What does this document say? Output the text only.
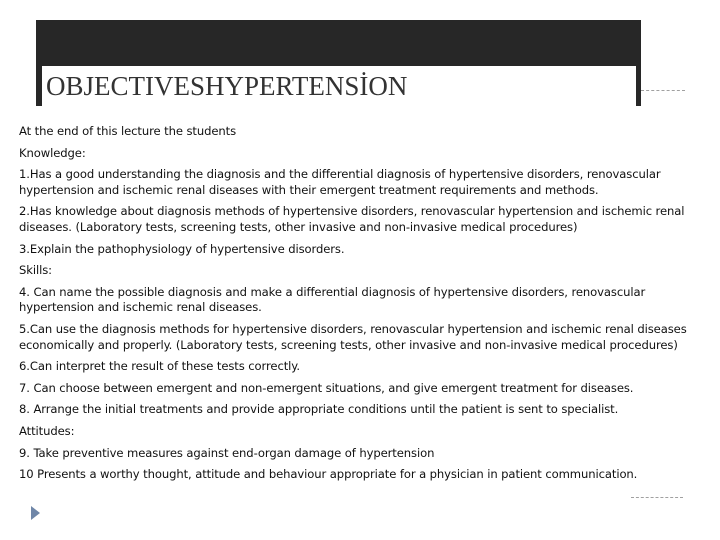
OBJECTIVESHYPERTENSİON

At the end of this lecture the students

Knowledge:

1.Has a good understanding the diagnosis and the differential diagnosis of hypertensive disorders, renovascular
hypertension and ischemic renal diseases with their emergent treatment requirements and methods.

2.Has knowledge about diagnosis methods of hypertensive disorders, renovascular hypertension and ischemic renal
diseases. (Laboratory tests, screening tests, other invasive and non-invasive medical procedures)

3.Explain the pathophysiology of hypertensive disorders.

Skills:

4. Can name the possible diagnosis and make a differential diagnosis of hypertensive disorders, renovascular
hypertension and ischemic renal diseases.

5.Can use the diagnosis methods for hypertensive disorders, renovascular hypertension and ischemic renal diseases
economically and properly. (Laboratory tests, screening tests, other invasive and non-invasive medical procedures)

6.Can interpret the result of these tests correctly.

7. Can choose between emergent and non-emergent situations, and give emergent treatment for diseases.

8. Arrange the initial treatments and provide appropriate conditions until the patient is sent to specialist.

Attitudes:

9. Take preventive measures against end-organ damage of hypertension

10 Presents a worthy thought, attitude and behaviour appropriate for a physician in patient communication.
